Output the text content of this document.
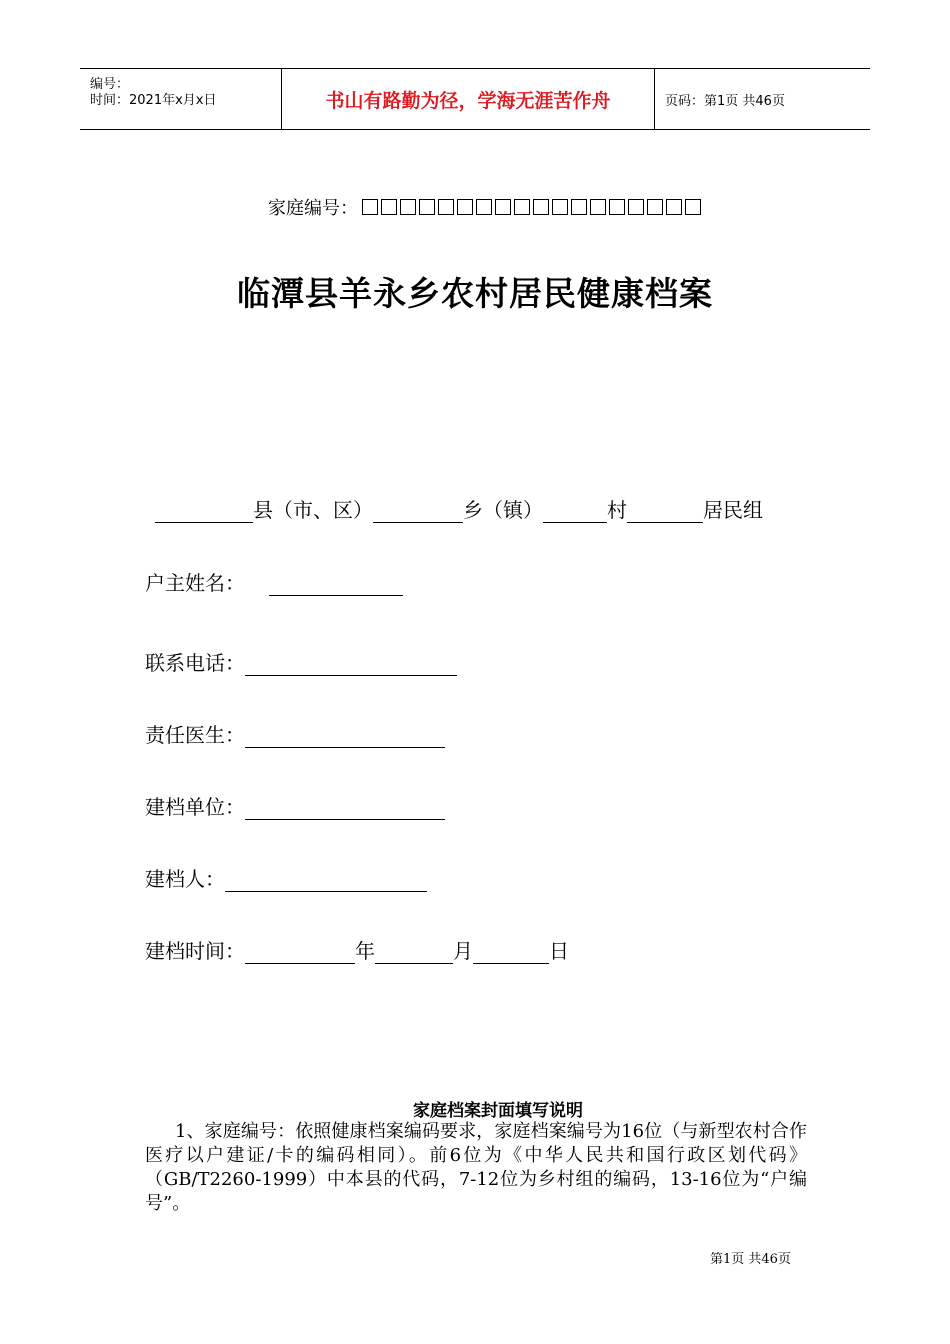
编号：
时间：2021年x月x日	书山有路勤为径，学海无涯苦作舟	页码：第1页 共46页
家庭编号：
临潭县羊永乡农村居民健康档案
县（市、区）	乡（镇）	村	居民组
户主姓名：
联系电话：
责任医生：
建档单位：
建档人：
建档时间：	年	月	日
家庭档案封面填写说明
1、家庭编号：依照健康档案编码要求，家庭档案编号为16位（与新型农村合作医疗以户建证/卡的编码相同）。前6位为《中华人民共和国行政区划代码》（GB/T2260-1999）中本县的代码，7-12位为乡村组的编码，13-16位为“户编号”。
第1页 共46页
